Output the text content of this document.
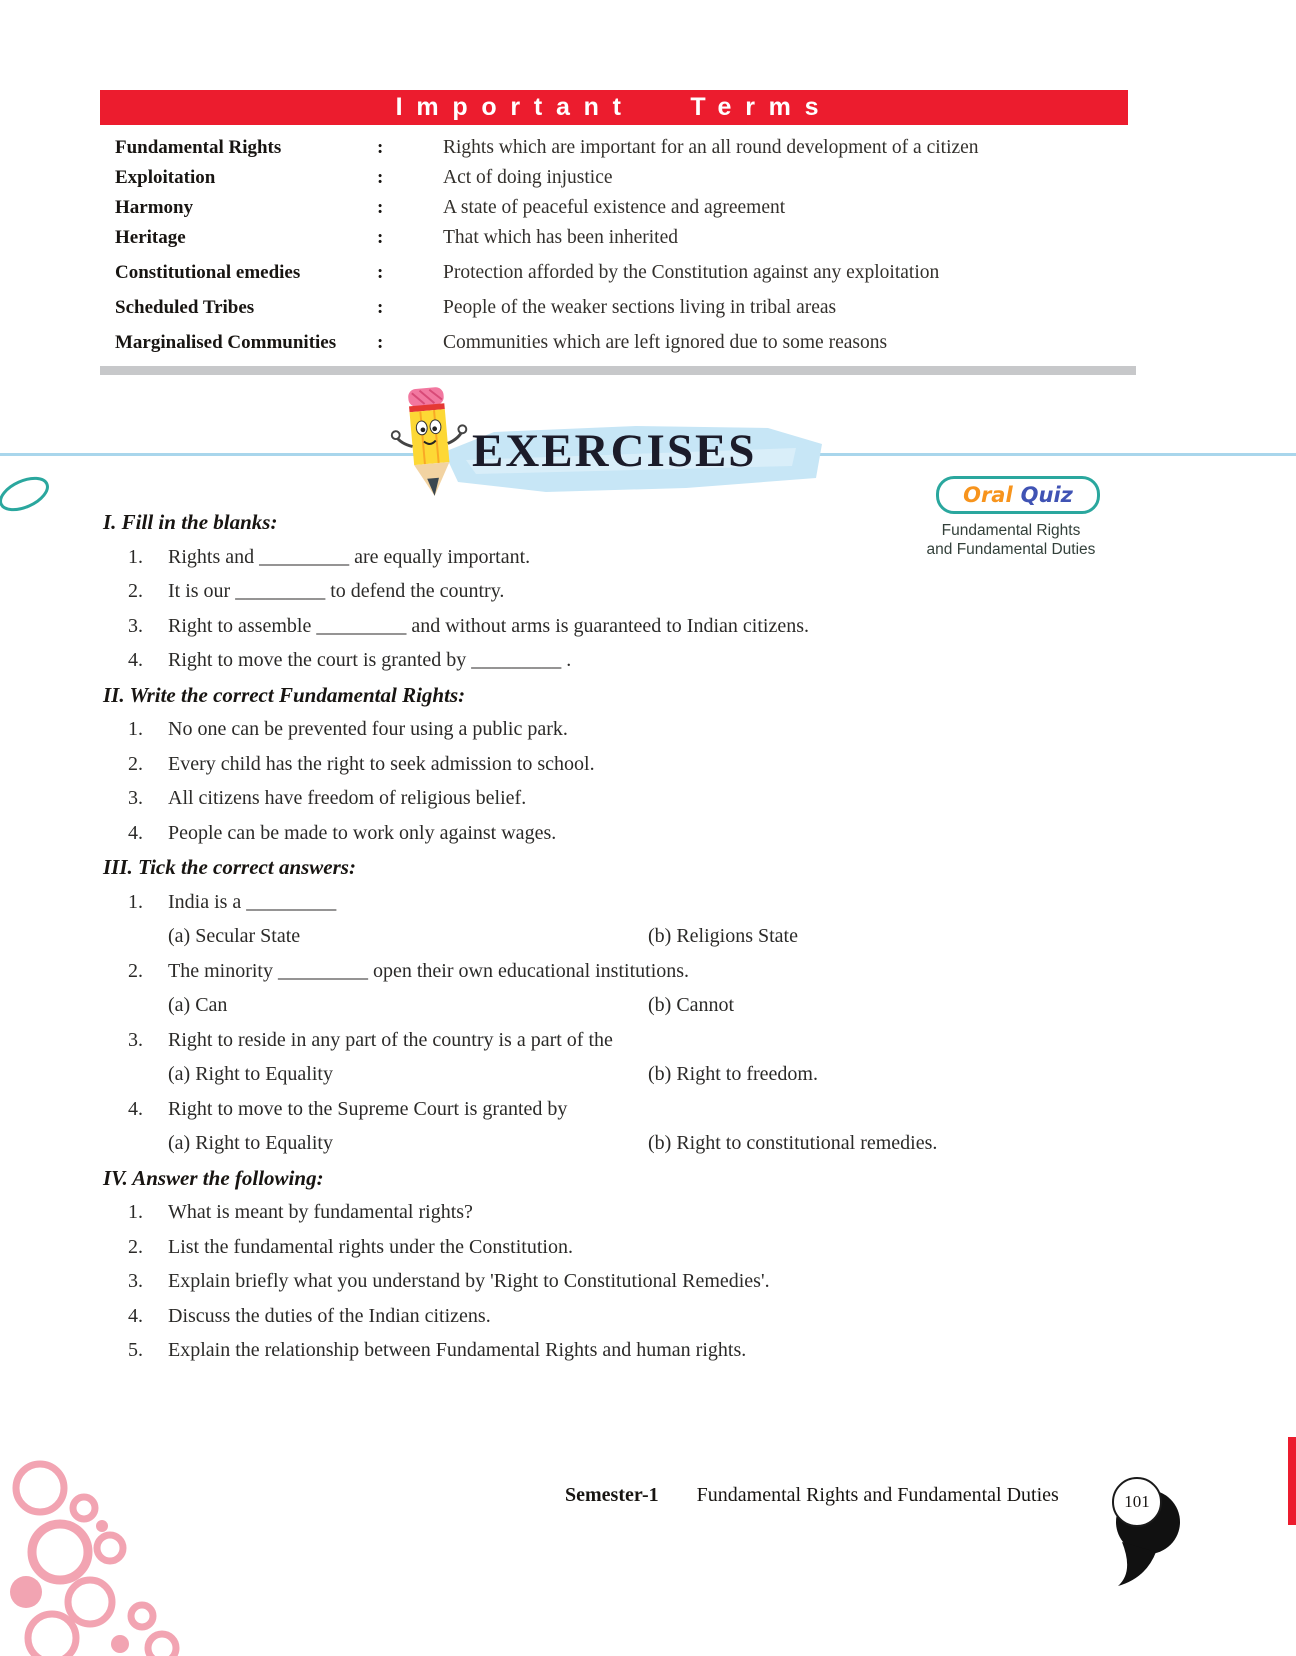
Important Terms
Fundamental Rights	:	Rights which are important for an all round development of a citizen
Exploitation	:	Act of doing injustice
Harmony	:	A state of peaceful existence and agreement
Heritage	:	That which has been inherited
Constitutional emedies	:	Protection afforded by the Constitution against any exploitation
Scheduled Tribes	:	People of the weaker sections living in tribal areas
Marginalised Communities	:	Communities which are left ignored due to some reasons
EXERCISES
Oral Quiz
Fundamental Rights
and Fundamental Duties
I. Fill in the blanks:
1.	Rights and _________ are equally important.
2.	It is our _________ to defend the country.
3.	Right to assemble _________ and without arms is guaranteed to Indian citizens.
4.	Right to move the court is granted by _________ .
II. Write the correct Fundamental Rights:
1.	No one can be prevented four using a public park.
2.	Every child has the right to seek admission to school.
3.	All citizens have freedom of religious belief.
4.	People can be made to work only against wages.
III. Tick the correct answers:
1.	India is a _________
(a) Secular State	(b) Religions State
2.	The minority _________ open their own educational institutions.
(a) Can	(b) Cannot
3.	Right to reside in any part of the country is a part of the
(a) Right to Equality	(b) Right to freedom.
4.	Right to move to the Supreme Court is granted by
(a) Right to Equality	(b) Right to constitutional remedies.
IV. Answer the following:
1.	What is meant by fundamental rights?
2.	List the fundamental rights under the Constitution.
3.	Explain briefly what you understand by 'Right to Constitutional Remedies'.
4.	Discuss the duties of the Indian citizens.
5.	Explain the relationship between Fundamental Rights and human rights.
Semester-1 Fundamental Rights and Fundamental Duties	101
